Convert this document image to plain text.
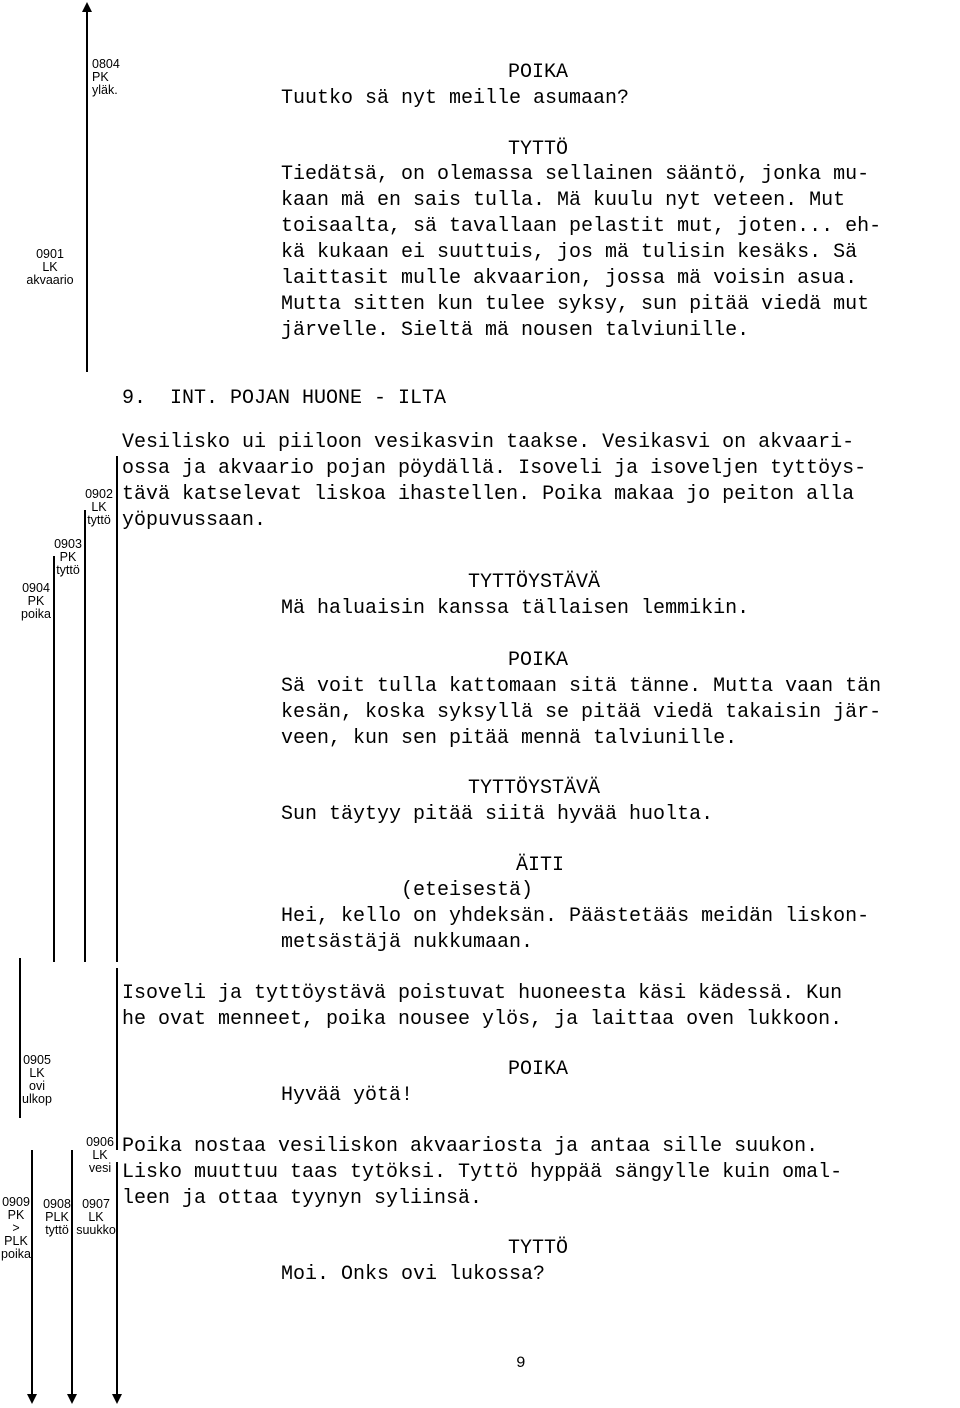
0804
PK
yläk.

0901
LK
akvaario

0902
LK
tyttö

0903
PK
tyttö

0904
PK
poika

0905
LK
ovi
ulkop

0906
LK
vesi

0907
LK
suukko

0908
PLK
tyttö

0909
PK
>
PLK
poika

POIKA
Tuutko sä nyt meille asumaan?
TYTTÖ
Tiedätsä, on olemassa sellainen sääntö, jonka mu-
kaan mä en sais tulla. Mä kuulu nyt veteen. Mut
toisaalta, sä tavallaan pelastit mut, joten... eh-
kä kukaan ei suuttuis, jos mä tulisin kesäks. Sä
laittasit mulle akvaarion, jossa mä voisin asua.
Mutta sitten kun tulee syksy, sun pitää viedä mut
järvelle. Sieltä mä nousen talviunille.
9.  INT. POJAN HUONE - ILTA
Vesilisko ui piiloon vesikasvin taakse. Vesikasvi on akvaari-
ossa ja akvaario pojan pöydällä. Isoveli ja isoveljen tyttöys-
tävä katselevat liskoa ihastellen. Poika makaa jo peiton alla
yöpuvussaan.
TYTTÖYSTÄVÄ
Mä haluaisin kanssa tällaisen lemmikin.
POIKA
Sä voit tulla kattomaan sitä tänne. Mutta vaan tän
kesän, koska syksyllä se pitää viedä takaisin jär-
veen, kun sen pitää mennä talviunille.
TYTTÖYSTÄVÄ
Sun täytyy pitää siitä hyvää huolta.
ÄITI
(eteisestä)
Hei, kello on yhdeksän. Päästetääs meidän liskon-
metsästäjä nukkumaan.
Isoveli ja tyttöystävä poistuvat huoneesta käsi kädessä. Kun
he ovat menneet, poika nousee ylös, ja laittaa oven lukkoon.
POIKA
Hyvää yötä!
Poika nostaa vesiliskon akvaariosta ja antaa sille suukon.
Lisko muuttuu taas tytöksi. Tyttö hyppää sängylle kuin omal-
leen ja ottaa tyynyn syliinsä.
TYTTÖ
Moi. Onks ovi lukossa?
9
